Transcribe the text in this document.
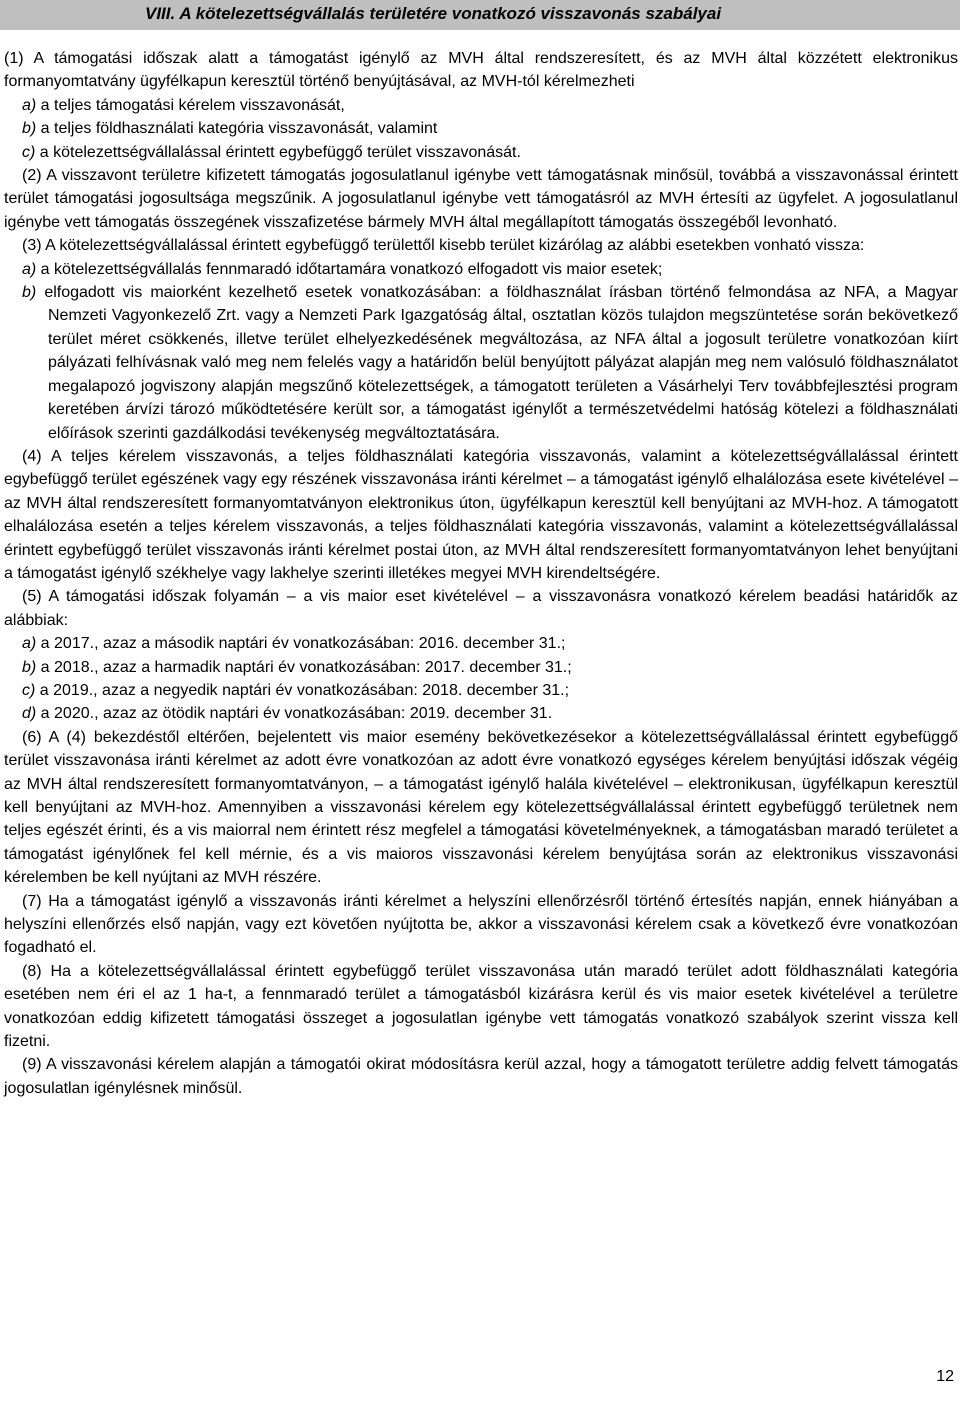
VIII. A kötelezettségvállalás területére vonatkozó visszavonás szabályai

(1) A támogatási időszak alatt a támogatást igénylő az MVH által rendszeresített, és az MVH által közzétett elektronikus formanyomtatvány ügyfélkapun keresztül történő benyújtásával, az MVH-tól kérelmezheti

a) a teljes támogatási kérelem visszavonását,

b) a teljes földhasználati kategória visszavonását, valamint

c) a kötelezettségvállalással érintett egybefüggő terület visszavonását.

(2) A visszavont területre kifizetett támogatás jogosulatlanul igénybe vett támogatásnak minősül, továbbá a visszavonással érintett terület támogatási jogosultsága megszűnik. A jogosulatlanul igénybe vett támogatásról az MVH értesíti az ügyfelet. A jogosulatlanul igénybe vett támogatás összegének visszafizetése bármely MVH által megállapított támogatás összegéből levonható.

(3) A kötelezettségvállalással érintett egybefüggő területtől kisebb terület kizárólag az alábbi esetekben vonható vissza:

a) a kötelezettségvállalás fennmaradó időtartamára vonatkozó elfogadott vis maior esetek;

b) elfogadott vis maiorként kezelhető esetek vonatkozásában: a földhasználat írásban történő felmondása az NFA, a Magyar Nemzeti Vagyonkezelő Zrt. vagy a Nemzeti Park Igazgatóság által, osztatlan közös tulajdon megszüntetése során bekövetkező terület méret csökkenés, illetve terület elhelyezkedésének megváltozása, az NFA által a jogosult területre vonatkozóan kiírt pályázati felhívásnak való meg nem felelés vagy a határidőn belül benyújtott pályázat alapján meg nem valósuló földhasználatot megalapozó jogviszony alapján megszűnő kötelezettségek, a támogatott területen a Vásárhelyi Terv továbbfejlesztési program keretében árvízi tározó működtetésére került sor, a támogatást igénylőt a természetvédelmi hatóság kötelezi a földhasználati előírások szerinti gazdálkodási tevékenység megváltoztatására.

(4) A teljes kérelem visszavonás, a teljes földhasználati kategória visszavonás, valamint a kötelezettségvállalással érintett egybefüggő terület egészének vagy egy részének visszavonása iránti kérelmet – a támogatást igénylő elhalálozása esete kivételével – az MVH által rendszeresített formanyomtatványon elektronikus úton, ügyfélkapun keresztül kell benyújtani az MVH-hoz. A támogatott elhalálozása esetén a teljes kérelem visszavonás, a teljes földhasználati kategória visszavonás, valamint a kötelezettségvállalással érintett egybefüggő terület visszavonás iránti kérelmet postai úton, az MVH által rendszeresített formanyomtatványon lehet benyújtani a támogatást igénylő székhelye vagy lakhelye szerinti illetékes megyei MVH kirendeltségére.

(5) A támogatási időszak folyamán – a vis maior eset kivételével – a visszavonásra vonatkozó kérelem beadási határidők az alábbiak:

a) a 2017., azaz a második naptári év vonatkozásában: 2016. december 31.;

b) a 2018., azaz a harmadik naptári év vonatkozásában: 2017. december 31.;

c) a 2019., azaz a negyedik naptári év vonatkozásában: 2018. december 31.;

d) a 2020., azaz az ötödik naptári év vonatkozásában: 2019. december 31.

(6) A (4) bekezdéstől eltérően, bejelentett vis maior esemény bekövetkezésekor a kötelezettségvállalással érintett egybefüggő terület visszavonása iránti kérelmet az adott évre vonatkozóan az adott évre vonatkozó egységes kérelem benyújtási időszak végéig az MVH által rendszeresített formanyomtatványon, – a támogatást igénylő halála kivételével – elektronikusan, ügyfélkapun keresztül kell benyújtani az MVH-hoz. Amennyiben a visszavonási kérelem egy kötelezettségvállalással érintett egybefüggő területnek nem teljes egészét érinti, és a vis maiorral nem érintett rész megfelel a támogatási követelményeknek, a támogatásban maradó területet a támogatást igénylőnek fel kell mérnie, és a vis maioros visszavonási kérelem benyújtása során az elektronikus visszavonási kérelemben be kell nyújtani az MVH részére.

(7) Ha a támogatást igénylő a visszavonás iránti kérelmet a helyszíni ellenőrzésről történő értesítés napján, ennek hiányában a helyszíni ellenőrzés első napján, vagy ezt követően nyújtotta be, akkor a visszavonási kérelem csak a következő évre vonatkozóan fogadható el.

(8) Ha a kötelezettségvállalással érintett egybefüggő terület visszavonása után maradó terület adott földhasználati kategória esetében nem éri el az 1 ha-t, a fennmaradó terület a támogatásból kizárásra kerül és vis maior esetek kivételével a területre vonatkozóan eddig kifizetett támogatási összeget a jogosulatlan igénybe vett támogatás vonatkozó szabályok szerint vissza kell fizetni.

(9) A visszavonási kérelem alapján a támogatói okirat módosításra kerül azzal, hogy a támogatott területre addig felvett támogatás jogosulatlan igénylésnek minősül.

12
